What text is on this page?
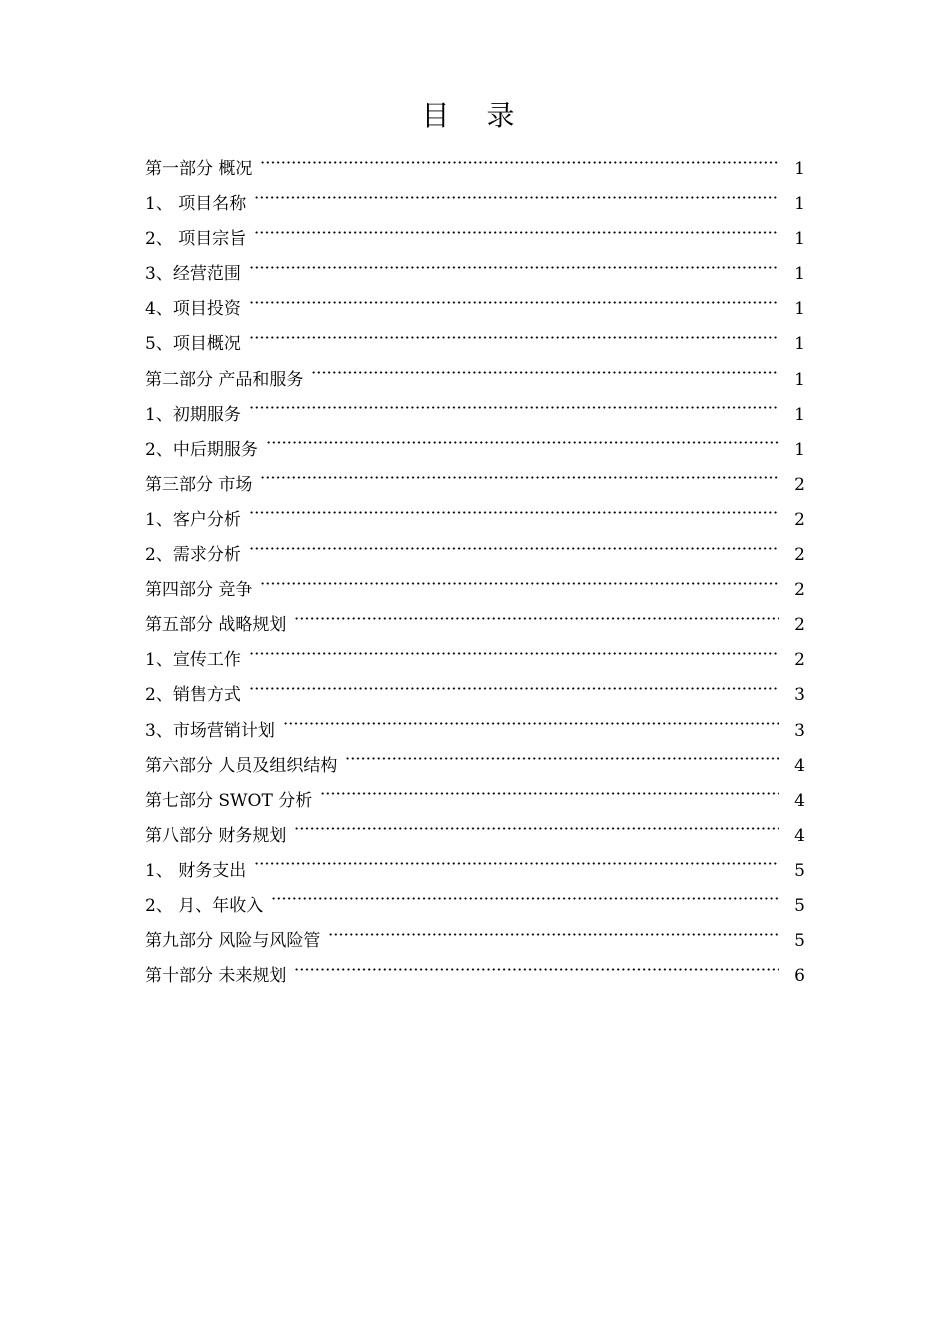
目 录
第一部分 概况	1
1、 项目名称	1
2、 项目宗旨	1
3、经营范围	1
4、项目投资	1
5、项目概况	1
第二部分 产品和服务	1
1、初期服务	1
2、中后期服务	1
第三部分 市场	2
1、客户分析	2
2、需求分析	2
第四部分 竞争	2
第五部分 战略规划	2
1、宣传工作	2
2、销售方式	3
3、市场营销计划	3
第六部分 人员及组织结构	4
第七部分 SWOT 分析	4
第八部分 财务规划	4
1、 财务支出	5
2、 月、年收入	5
第九部分 风险与风险管	5
第十部分 未来规划	6
